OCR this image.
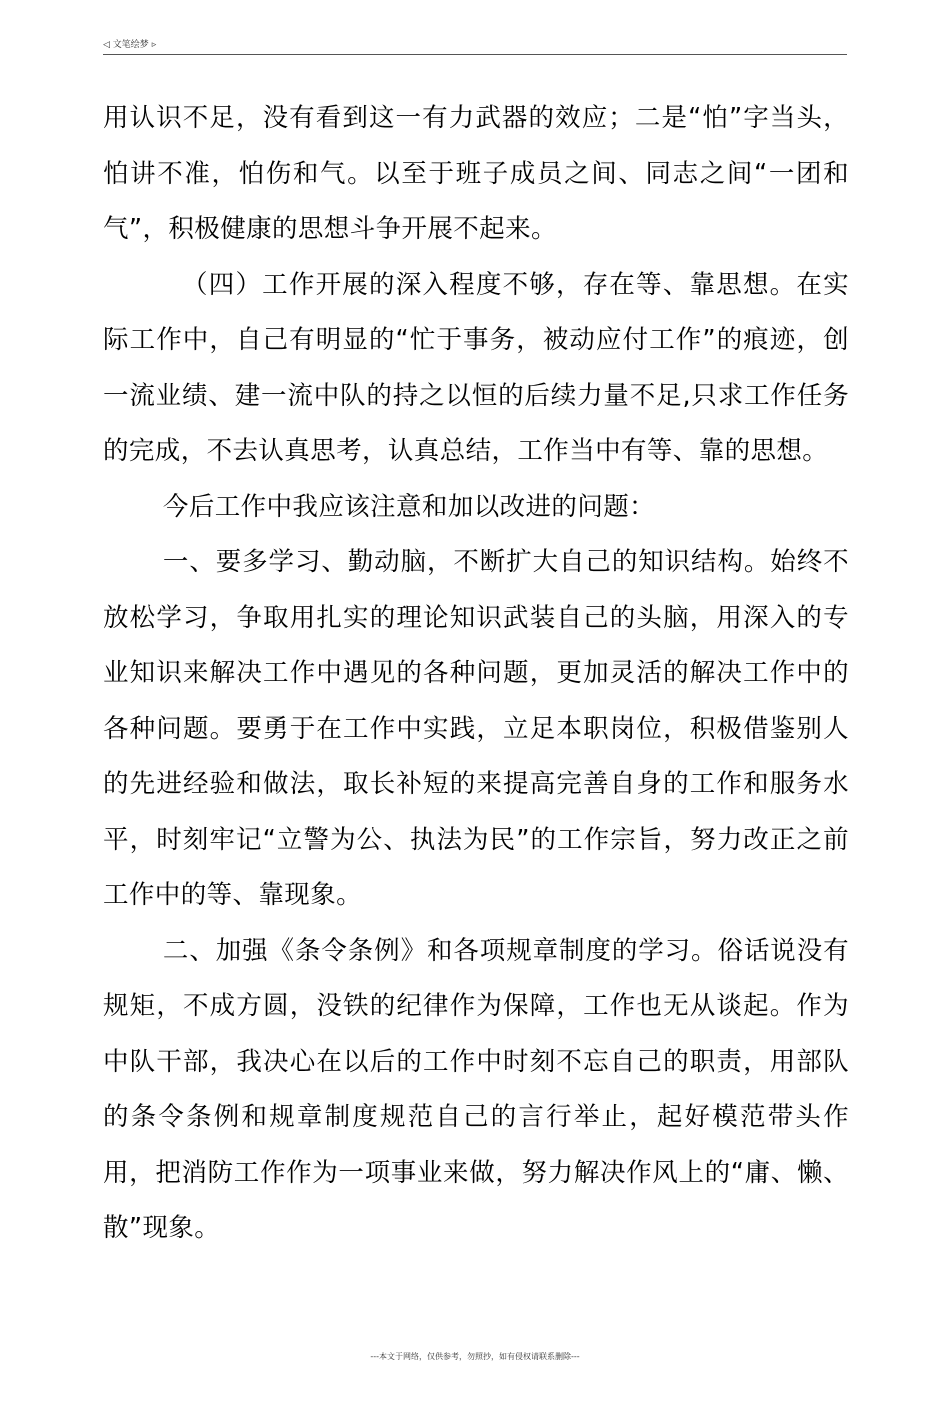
◁ 文笔绘梦 ▹

用认识不足，没有看到这一有力武器的效应；二是“怕”字当头，怕讲不准，怕伤和气。以至于班子成员之间、同志之间“一团和气”，积极健康的思想斗争开展不起来。

（四）工作开展的深入程度不够，存在等、靠思想。在实际工作中，自己有明显的“忙于事务，被动应付工作”的痕迹，创一流业绩、建一流中队的持之以恒的后续力量不足,只求工作任务的完成，不去认真思考，认真总结，工作当中有等、靠的思想。

今后工作中我应该注意和加以改进的问题：

一、要多学习、勤动脑，不断扩大自己的知识结构。始终不放松学习，争取用扎实的理论知识武装自己的头脑，用深入的专业知识来解决工作中遇见的各种问题，更加灵活的解决工作中的各种问题。要勇于在工作中实践，立足本职岗位，积极借鉴别人的先进经验和做法，取长补短的来提高完善自身的工作和服务水平，时刻牢记“立警为公、执法为民”的工作宗旨，努力改正之前工作中的等、靠现象。

二、加强《条令条例》和各项规章制度的学习。俗话说没有规矩，不成方圆，没铁的纪律作为保障，工作也无从谈起。作为中队干部，我决心在以后的工作中时刻不忘自己的职责，用部队的条令条例和规章制度规范自己的言行举止，起好模范带头作用，把消防工作作为一项事业来做，努力解决作风上的“庸、懒、散”现象。

---本文于网络，仅供参考，勿照抄，如有侵权请联系删除---
